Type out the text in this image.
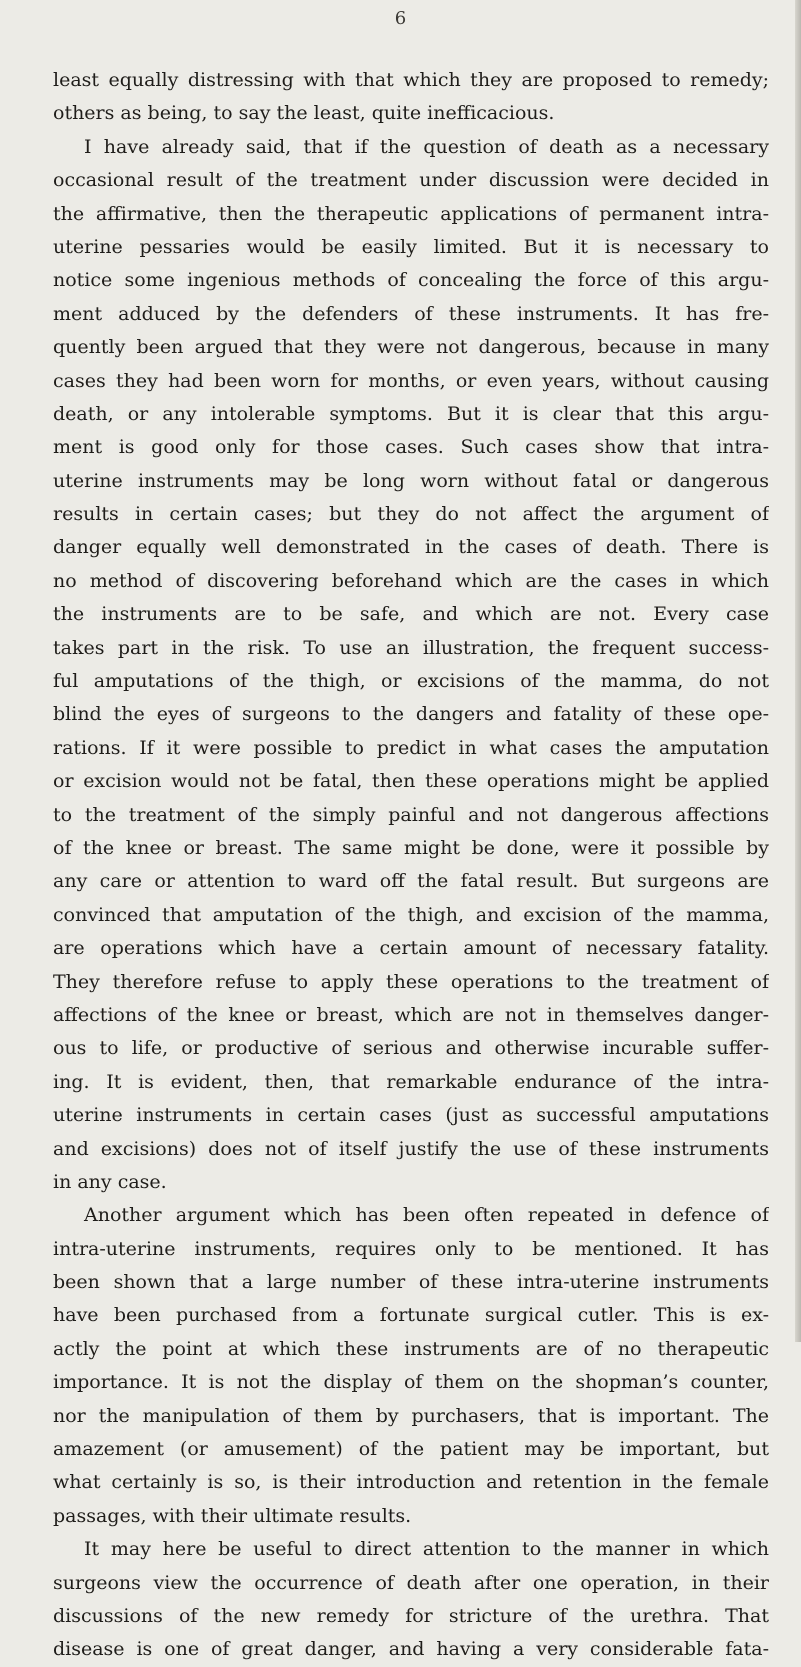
6
least equally distressing with that which they are proposed to remedy;
others as being, to say the least, quite inefficacious.
I have already said, that if the question of death as a necessary
occasional result of the treatment under discussion were decided in
the affirmative, then the therapeutic applications of permanent intra-
uterine pessaries would be easily limited. But it is necessary to
notice some ingenious methods of concealing the force of this argu-
ment adduced by the defenders of these instruments. It has fre-
quently been argued that they were not dangerous, because in many
cases they had been worn for months, or even years, without causing
death, or any intolerable symptoms. But it is clear that this argu-
ment is good only for those cases. Such cases show that intra-
uterine instruments may be long worn without fatal or dangerous
results in certain cases; but they do not affect the argument of
danger equally well demonstrated in the cases of death. There is
no method of discovering beforehand which are the cases in which
the instruments are to be safe, and which are not. Every case
takes part in the risk. To use an illustration, the frequent success-
ful amputations of the thigh, or excisions of the mamma, do not
blind the eyes of surgeons to the dangers and fatality of these ope-
rations. If it were possible to predict in what cases the amputation
or excision would not be fatal, then these operations might be applied
to the treatment of the simply painful and not dangerous affections
of the knee or breast. The same might be done, were it possible by
any care or attention to ward off the fatal result. But surgeons are
convinced that amputation of the thigh, and excision of the mamma,
are operations which have a certain amount of necessary fatality.
They therefore refuse to apply these operations to the treatment of
affections of the knee or breast, which are not in themselves danger-
ous to life, or productive of serious and otherwise incurable suffer-
ing. It is evident, then, that remarkable endurance of the intra-
uterine instruments in certain cases (just as successful amputations
and excisions) does not of itself justify the use of these instruments
in any case.
Another argument which has been often repeated in defence of
intra-uterine instruments, requires only to be mentioned. It has
been shown that a large number of these intra-uterine instruments
have been purchased from a fortunate surgical cutler. This is ex-
actly the point at which these instruments are of no therapeutic
importance. It is not the display of them on the shopman’s counter,
nor the manipulation of them by purchasers, that is important. The
amazement (or amusement) of the patient may be important, but
what certainly is so, is their introduction and retention in the female
passages, with their ultimate results.
It may here be useful to direct attention to the manner in which
surgeons view the occurrence of death after one operation, in their
discussions of the new remedy for stricture of the urethra. That
disease is one of great danger, and having a very considerable fata-
